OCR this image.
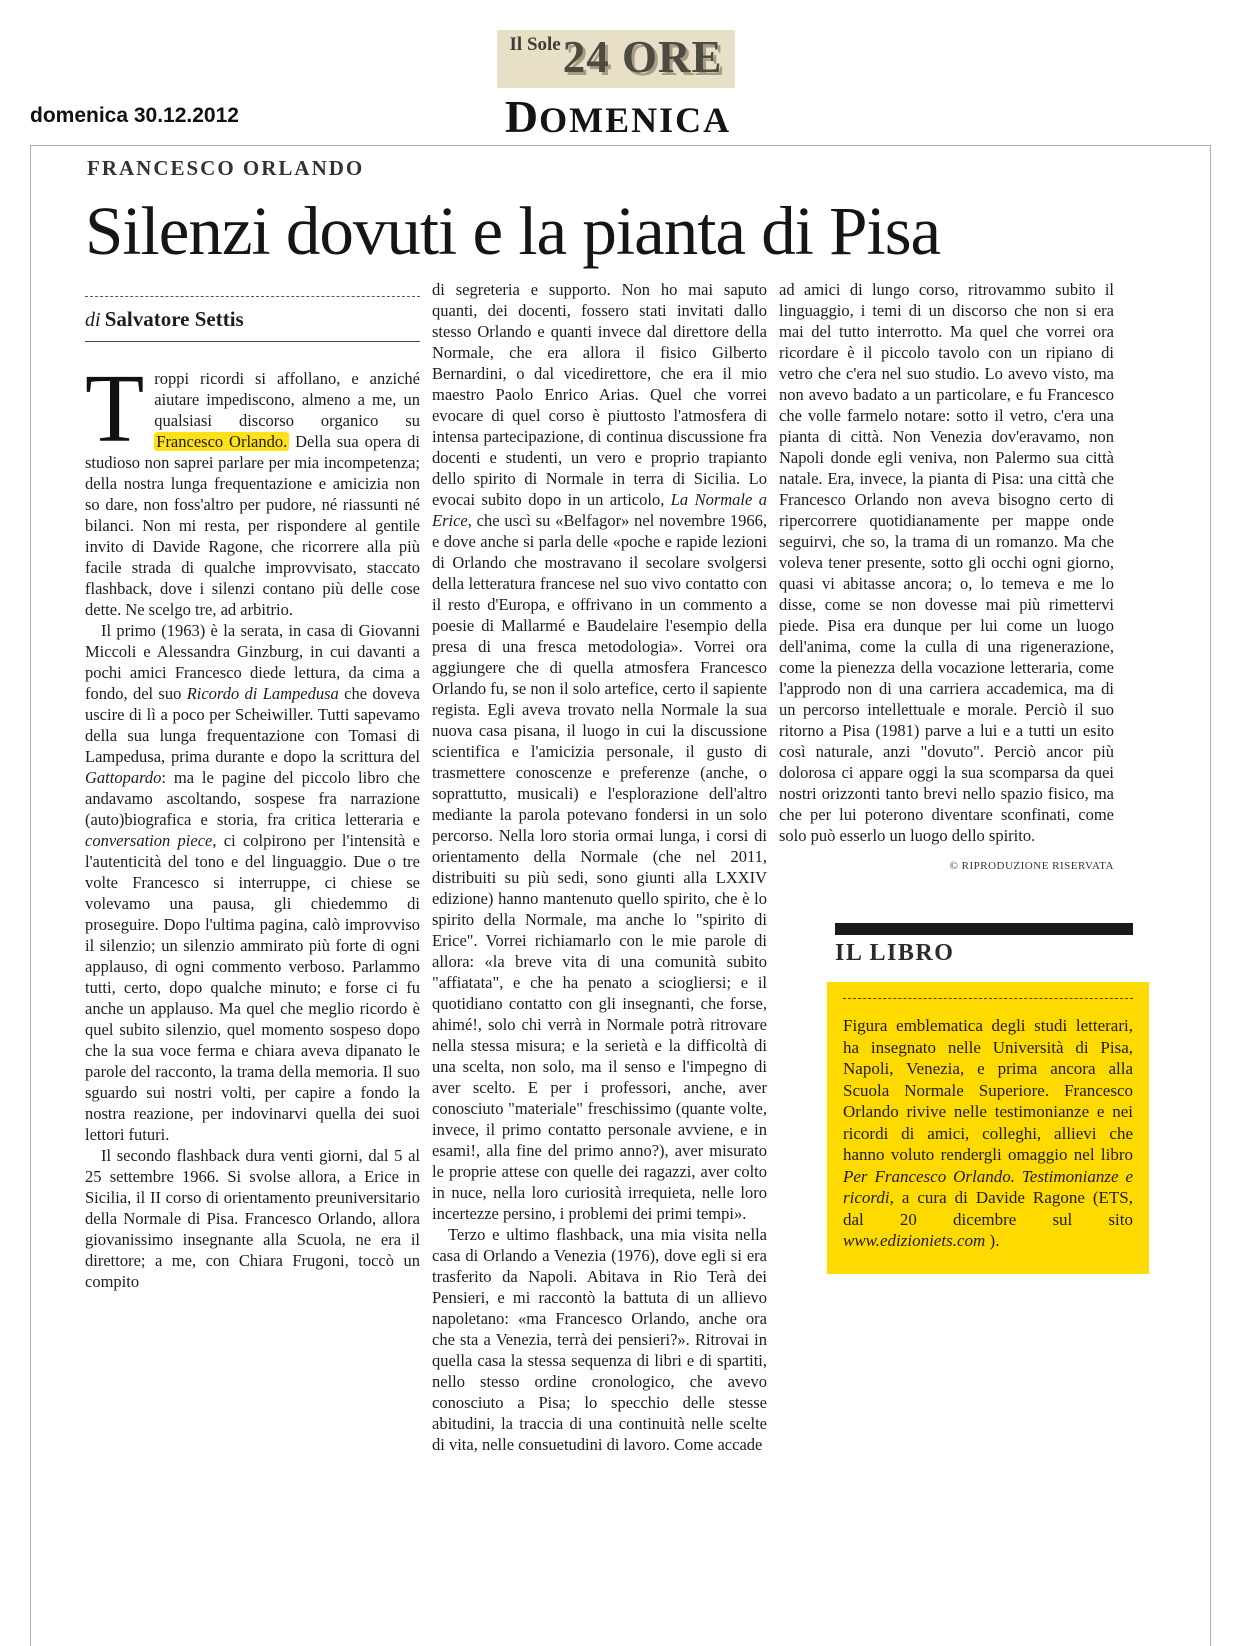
domenica 30.12.2012
Il Sole 24 ORE
DOMENICA
FRANCESCO ORLANDO
Silenzi dovuti e la pianta di Pisa
di Salvatore Settis

Troppi ricordi si affollano, e anziché aiutare impediscono, almeno a me, un qualsiasi discorso organico su Francesco Orlando. Della sua opera di studioso non saprei parlare per mia incompetenza; della nostra lunga frequentazione e amicizia non so dare, non foss'altro per pudore, né riassunti né bilanci. Non mi resta, per rispondere al gentile invito di Davide Ragone, che ricorrere alla più facile strada di qualche improvvisato, staccato flashback, dove i silenzi contano più delle cose dette. Ne scelgo tre, ad arbitrio.

Il primo (1963) è la serata, in casa di Giovanni Miccoli e Alessandra Ginzburg, in cui davanti a pochi amici Francesco diede lettura, da cima a fondo, del suo Ricordo di Lampedusa che doveva uscire di lì a poco per Scheiwiller. Tutti sapevamo della sua lunga frequentazione con Tomasi di Lampedusa, prima durante e dopo la scrittura del Gattopardo: ma le pagine del piccolo libro che andavamo ascoltando, sospese fra narrazione (auto)biografica e storia, fra critica letteraria e conversation piece, ci colpirono per l'intensità e l'autenticità del tono e del linguaggio. Due o tre volte Francesco si interruppe, ci chiese se volevamo una pausa, gli chiedemmo di proseguire. Dopo l'ultima pagina, calò improvviso il silenzio; un silenzio ammirato più forte di ogni applauso, di ogni commento verboso. Parlammo tutti, certo, dopo qualche minuto; e forse ci fu anche un applauso. Ma quel che meglio ricordo è quel subito silenzio, quel momento sospeso dopo che la sua voce ferma e chiara aveva dipanato le parole del racconto, la trama della memoria. Il suo sguardo sui nostri volti, per capire a fondo la nostra reazione, per indovinarvi quella dei suoi lettori futuri.

Il secondo flashback dura venti giorni, dal 5 al 25 settembre 1966. Si svolse allora, a Erice in Sicilia, il II corso di orientamento preuniversitario della Normale di Pisa. Francesco Orlando, allora giovanissimo insegnante alla Scuola, ne era il direttore; a me, con Chiara Frugoni, toccò un compito

di segreteria e supporto. Non ho mai saputo quanti, dei docenti, fossero stati invitati dallo stesso Orlando e quanti invece dal direttore della Normale, che era allora il fisico Gilberto Bernardini, o dal vicedirettore, che era il mio maestro Paolo Enrico Arias. Quel che vorrei evocare di quel corso è piuttosto l'atmosfera di intensa partecipazione, di continua discussione fra docenti e studenti, un vero e proprio trapianto dello spirito di Normale in terra di Sicilia. Lo evocai subito dopo in un articolo, La Normale a Erice, che uscì su «Belfagor» nel novembre 1966, e dove anche si parla delle «poche e rapide lezioni di Orlando che mostravano il secolare svolgersi della letteratura francese nel suo vivo contatto con il resto d'Europa, e offrivano in un commento a poesie di Mallarmé e Baudelaire l'esempio della presa di una fresca metodologia». Vorrei ora aggiungere che di quella atmosfera Francesco Orlando fu, se non il solo artefice, certo il sapiente regista. Egli aveva trovato nella Normale la sua nuova casa pisana, il luogo in cui la discussione scientifica e l'amicizia personale, il gusto di trasmettere conoscenze e preferenze (anche, o soprattutto, musicali) e l'esplorazione dell'altro mediante la parola potevano fondersi in un solo percorso. Nella loro storia ormai lunga, i corsi di orientamento della Normale (che nel 2011, distribuiti su più sedi, sono giunti alla LXXIV edizione) hanno mantenuto quello spirito, che è lo spirito della Normale, ma anche lo "spirito di Erice". Vorrei richiamarlo con le mie parole di allora: «la breve vita di una comunità subito "affiatata", e che ha penato a sciogliersi; e il quotidiano contatto con gli insegnanti, che forse, ahimé!, solo chi verrà in Normale potrà ritrovare nella stessa misura; e la serietà e la difficoltà di una scelta, non solo, ma il senso e l'impegno di aver scelto. E per i professori, anche, aver conosciuto "materiale" freschissimo (quante volte, invece, il primo contatto personale avviene, e in esami!, alla fine del primo anno?), aver misurato le proprie attese con quelle dei ragazzi, aver colto in nuce, nella loro curiosità irrequieta, nelle loro incertezze persino, i problemi dei primi tempi».

Terzo e ultimo flashback, una mia visita nella casa di Orlando a Venezia (1976), dove egli si era trasferito da Napoli. Abitava in Rio Terà dei Pensieri, e mi raccontò la battuta di un allievo napoletano: «ma Francesco Orlando, anche ora che sta a Venezia, terrà dei pensieri?». Ritrovai in quella casa la stessa sequenza di libri e di spartiti, nello stesso ordine cronologico, che avevo conosciuto a Pisa; lo specchio delle stesse abitudini, la traccia di una continuità nelle scelte di vita, nelle consuetudini di lavoro. Come accade

ad amici di lungo corso, ritrovammo subito il linguaggio, i temi di un discorso che non si era mai del tutto interrotto. Ma quel che vorrei ora ricordare è il piccolo tavolo con un ripiano di vetro che c'era nel suo studio. Lo avevo visto, ma non avevo badato a un particolare, e fu Francesco che volle farmelo notare: sotto il vetro, c'era una pianta di città. Non Venezia dov'eravamo, non Napoli donde egli veniva, non Palermo sua città natale. Era, invece, la pianta di Pisa: una città che Francesco Orlando non aveva bisogno certo di ripercorrere quotidianamente per mappe onde seguirvi, che so, la trama di un romanzo. Ma che voleva tener presente, sotto gli occhi ogni giorno, quasi vi abitasse ancora; o, lo temeva e me lo disse, come se non dovesse mai più rimettervi piede. Pisa era dunque per lui come un luogo dell'anima, come la culla di una rigenerazione, come la pienezza della vocazione letteraria, come l'approdo non di una carriera accademica, ma di un percorso intellettuale e morale. Perciò il suo ritorno a Pisa (1981) parve a lui e a tutti un esito così naturale, anzi "dovuto". Perciò ancor più dolorosa ci appare oggi la sua scomparsa da quei nostri orizzonti tanto brevi nello spazio fisico, ma che per lui poterono diventare sconfinati, come solo può esserlo un luogo dello spirito.

© RIPRODUZIONE RISERVATA
IL LIBRO

Figura emblematica degli studi letterari, ha insegnato nelle Università di Pisa, Napoli, Venezia, e prima ancora alla Scuola Normale Superiore. Francesco Orlando rivive nelle testimonianze e nei ricordi di amici, colleghi, allievi che hanno voluto rendergli omaggio nel libro Per Francesco Orlando. Testimonianze e ricordi, a cura di Davide Ragone (ETS, dal 20 dicembre sul sito www.edizioniets.com ).
